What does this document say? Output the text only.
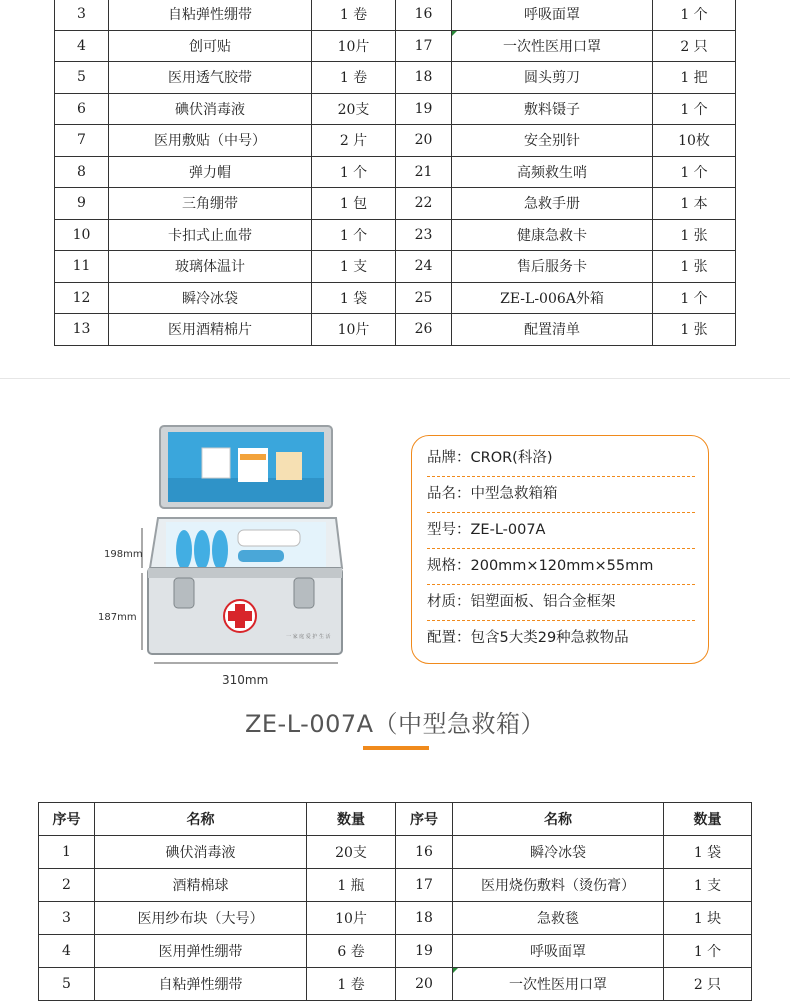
3	自粘弹性绷带	1 卷	16	呼吸面罩	1 个
4	创可贴	10片	17	一次性医用口罩	2 只
5	医用透气胶带	1 卷	18	圆头剪刀	1 把
6	碘伏消毒液	20支	19	敷料镊子	1 个
7	医用敷贴（中号）	2 片	20	安全别针	10枚
8	弹力帽	1 个	21	高频救生哨	1 个
9	三角绷带	1 包	22	急救手册	1 本
10	卡扣式止血带	1 个	23	健康急救卡	1 张
11	玻璃体温计	1 支	24	售后服务卡	1 张
12	瞬冷冰袋	1 袋	25	ZE-L-006A外箱	1 个
13	医用酒精棉片	10片	26	配置清单	1 张
一 家 庭 爱 护 生 活
198mm
187mm
310mm
品牌：CROR(科洛)
品名：中型急救箱箱
型号：ZE-L-007A
规格：200mm×120mm×55mm
材质：铝塑面板、铝合金框架
配置：包含5大类29种急救物品
ZE-L-007A（中型急救箱）
序号	名称	数量	序号	名称	数量
1	碘伏消毒液	20支	16	瞬冷冰袋	1 袋
2	酒精棉球	1 瓶	17	医用烧伤敷料（烫伤膏）	1 支
3	医用纱布块（大号）	10片	18	急救毯	1 块
4	医用弹性绷带	6 卷	19	呼吸面罩	1 个
5	自粘弹性绷带	1 卷	20	一次性医用口罩	2 只
